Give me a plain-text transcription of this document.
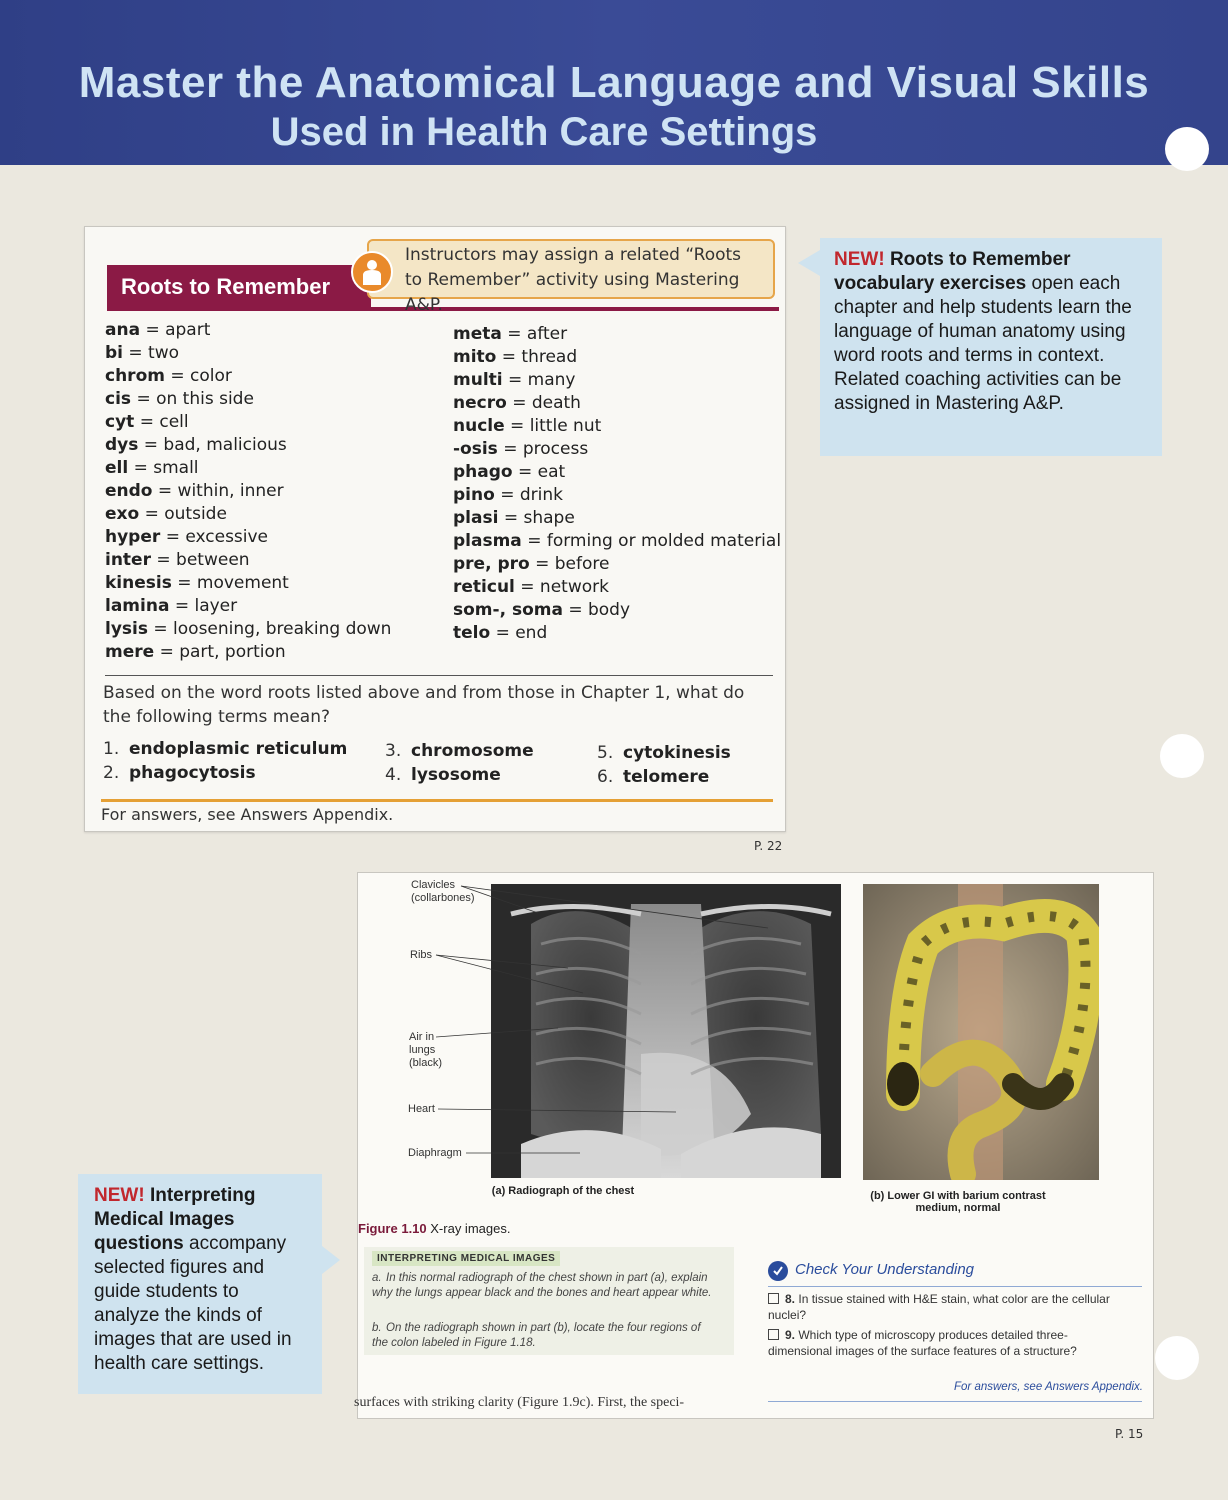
Master the Anatomical Language and Visual Skills
Used in Health Care Settings
Roots to Remember
Instructors may assign a related “Roots to Remember” activity using Mastering A&P.
ana = apart
bi = two
chrom = color
cis = on this side
cyt = cell
dys = bad, malicious
ell = small
endo = within, inner
exo = outside
hyper = excessive
inter = between
kinesis = movement
lamina = layer
lysis = loosening, breaking down
mere = part, portion
meta = after
mito = thread
multi = many
necro = death
nucle = little nut
-osis = process
phago = eat
pino = drink
plasi = shape
plasma = forming or molded material
pre, pro = before
reticul = network
som-, soma = body
telo = end
Based on the word roots listed above and from those in Chapter 1, what do the following terms mean?
1. endoplasmic reticulum
2. phagocytosis
3. chromosome
4. lysosome
5. cytokinesis
6. telomere
For answers, see Answers Appendix.
P. 22
NEW! Roots to Remember vocabulary exercises open each chapter and help students learn the language of human anatomy using word roots and terms in context. Related coaching activities can be assigned in Mastering A&P.
NEW! Interpreting Medical Images questions accompany selected figures and guide students to analyze the kinds of images that are used in health care settings.
Clavicles
(collarbones)
Ribs
Air in
lungs
(black)
Heart
Diaphragm
(a) Radiograph of the chest	(b) Lower GI with barium contrast
medium, normal
Figure 1.10 X-ray images.
INTERPRETING MEDICAL IMAGES
a. In this normal radiograph of the chest shown in part (a), explain why the lungs appear black and the bones and heart appear white.
b. On the radiograph shown in part (b), locate the four regions of the colon labeled in Figure 1.18.
Check Your Understanding
8. In tissue stained with H&E stain, what color are the cellular nuclei?
9. Which type of microscopy produces detailed three-dimensional images of the surface features of a structure?
For answers, see Answers Appendix.
surfaces with striking clarity (Figure 1.9c). First, the speci-
P. 15
